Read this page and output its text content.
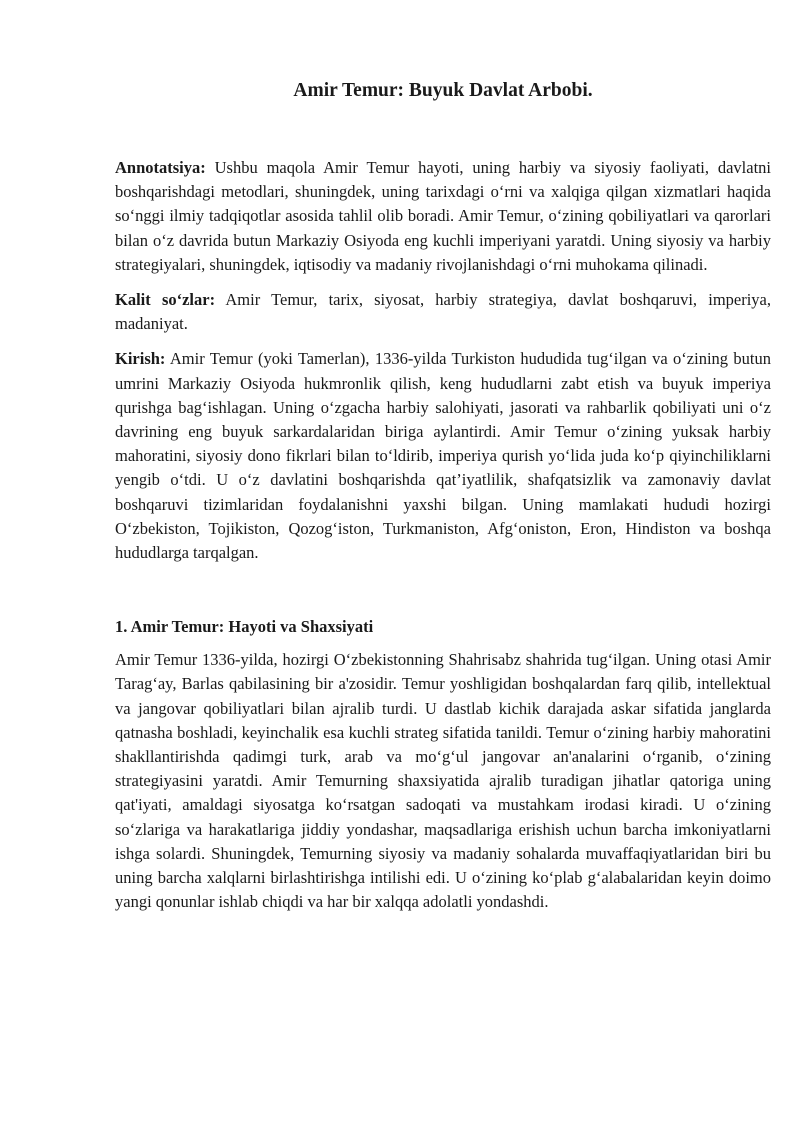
Amir Temur: Buyuk Davlat Arbobi.

Annotatsiya: Ushbu maqola Amir Temur hayoti, uning harbiy va siyosiy faoliyati, davlatni boshqarishdagi metodlari, shuningdek, uning tarixdagi o‘rni va xalqiga qilgan xizmatlari haqida so‘nggi ilmiy tadqiqotlar asosida tahlil olib boradi. Amir Temur, o‘zining qobiliyatlari va qarorlari bilan o‘z davrida butun Markaziy Osiyoda eng kuchli imperiyani yaratdi. Uning siyosiy va harbiy strategiyalari, shuningdek, iqtisodiy va madaniy rivojlanishdagi o‘rni muhokama qilinadi.

Kalit so‘zlar: Amir Temur, tarix, siyosat, harbiy strategiya, davlat boshqaruvi, imperiya, madaniyat.

Kirish: Amir Temur (yoki Tamerlan), 1336-yilda Turkiston hududida tug‘ilgan va o‘zining butun umrini Markaziy Osiyoda hukmronlik qilish, keng hududlarni zabt etish va buyuk imperiya qurishga bag‘ishlagan. Uning o‘zgacha harbiy salohiyati, jasorati va rahbarlik qobiliyati uni o‘z davrining eng buyuk sarkardalaridan biriga aylantirdi. Amir Temur o‘zining yuksak harbiy mahoratini, siyosiy dono fikrlari bilan to‘ldirib, imperiya qurish yo‘lida juda ko‘p qiyinchiliklarni yengib o‘tdi. U o‘z davlatini boshqarishda qat’iyatlilik, shafqatsizlik va zamonaviy davlat boshqaruvi tizimlaridan foydalanishni yaxshi bilgan. Uning mamlakati hududi hozirgi O‘zbekiston, Tojikiston, Qozog‘iston, Turkmaniston, Afg‘oniston, Eron, Hindiston va boshqa hududlarga tarqalgan.

1. Amir Temur: Hayoti va Shaxsiyati

Amir Temur 1336-yilda, hozirgi O‘zbekistonning Shahrisabz shahrida tug‘ilgan. Uning otasi Amir Tarag‘ay, Barlas qabilasining bir a'zosidir. Temur yoshligidan boshqalardan farq qilib, intellektual va jangovar qobiliyatlari bilan ajralib turdi. U dastlab kichik darajada askar sifatida janglarda qatnasha boshladi, keyinchalik esa kuchli strateg sifatida tanildi. Temur o‘zining harbiy mahoratini shakllantirishda qadimgi turk, arab va mo‘g‘ul jangovar an'analarini o‘rganib, o‘zining strategiyasini yaratdi. Amir Temurning shaxsiyatida ajralib turadigan jihatlar qatoriga uning qat'iyati, amaldagi siyosatga ko‘rsatgan sadoqati va mustahkam irodasi kiradi. U o‘zining so‘zlariga va harakatlariga jiddiy yondashar, maqsadlariga erishish uchun barcha imkoniyatlarni ishga solardi. Shuningdek, Temurning siyosiy va madaniy sohalarda muvaffaqiyatlaridan biri bu uning barcha xalqlarni birlashtirishga intilishi edi. U o‘zining ko‘plab g‘alabalaridan keyin doimo yangi qonunlar ishlab chiqdi va har bir xalqqa adolatli yondashdi.
